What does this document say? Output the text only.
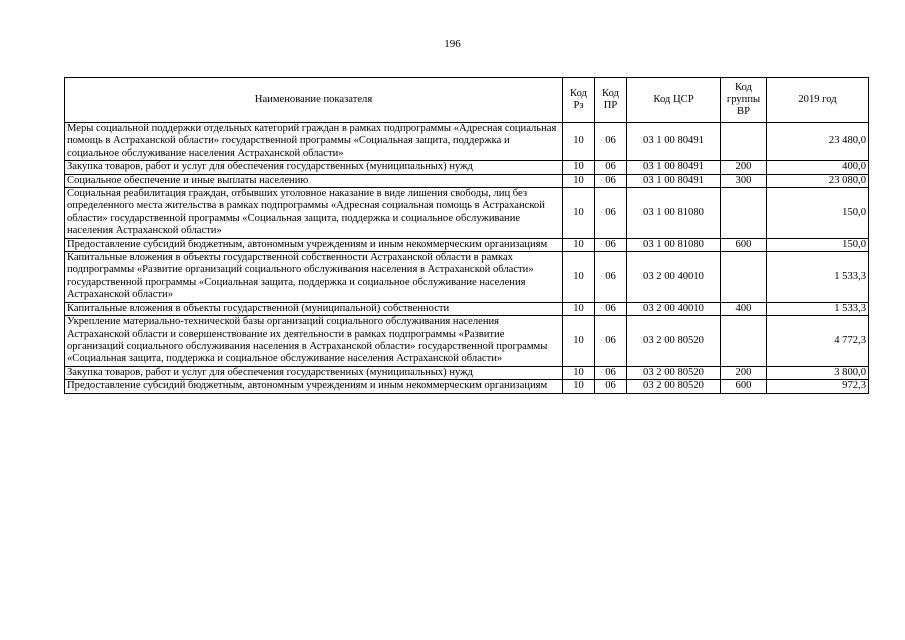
196
Наименование показателя	Код Рз	Код ПР	Код ЦСР	Код группы ВР	2019 год
Меры социальной поддержки отдельных категорий граждан в рамках подпрограммы «Адресная социальная помощь в Астраханской области» государственной программы «Социальная защита, поддержка и социальное обслуживание населения Астраханской области»	10	06	03 1 00 80491		23 480,0
Закупка товаров, работ и услуг для обеспечения государственных (муниципальных) нужд	10	06	03 1 00 80491	200	400,0
Социальное обеспечение и иные выплаты населению	10	06	03 1 00 80491	300	23 080,0
Социальная реабилитация граждан, отбывших уголовное наказание в виде лишения свободы, лиц без определенного места жительства в рамках подпрограммы «Адресная социальная помощь в Астраханской области» государственной программы «Социальная защита, поддержка и социальное обслуживание населения Астраханской области»	10	06	03 1 00 81080		150,0
Предоставление субсидий бюджетным, автономным учреждениям и иным некоммерческим организациям	10	06	03 1 00 81080	600	150,0
Капитальные вложения в объекты государственной собственности Астраханской области в рамках подпрограммы «Развитие организаций социального обслуживания населения в Астраханской области» государственной программы «Социальная защита, поддержка и социальное обслуживание населения Астраханской области»	10	06	03 2 00 40010		1 533,3
Капитальные вложения в объекты государственной (муниципальной) собственности	10	06	03 2 00 40010	400	1 533,3
Укрепление материально-технической базы организаций социального обслуживания населения Астраханской области и совершенствование их деятельности в рамках подпрограммы «Развитие организаций социального обслуживания населения в Астраханской области» государственной программы «Социальная защита, поддержка и социальное обслуживание населения Астраханской области»	10	06	03 2 00 80520		4 772,3
Закупка товаров, работ и услуг для обеспечения государственных (муниципальных) нужд	10	06	03 2 00 80520	200	3 800,0
Предоставление субсидий бюджетным, автономным учреждениям и иным некоммерческим организациям	10	06	03 2 00 80520	600	972,3
